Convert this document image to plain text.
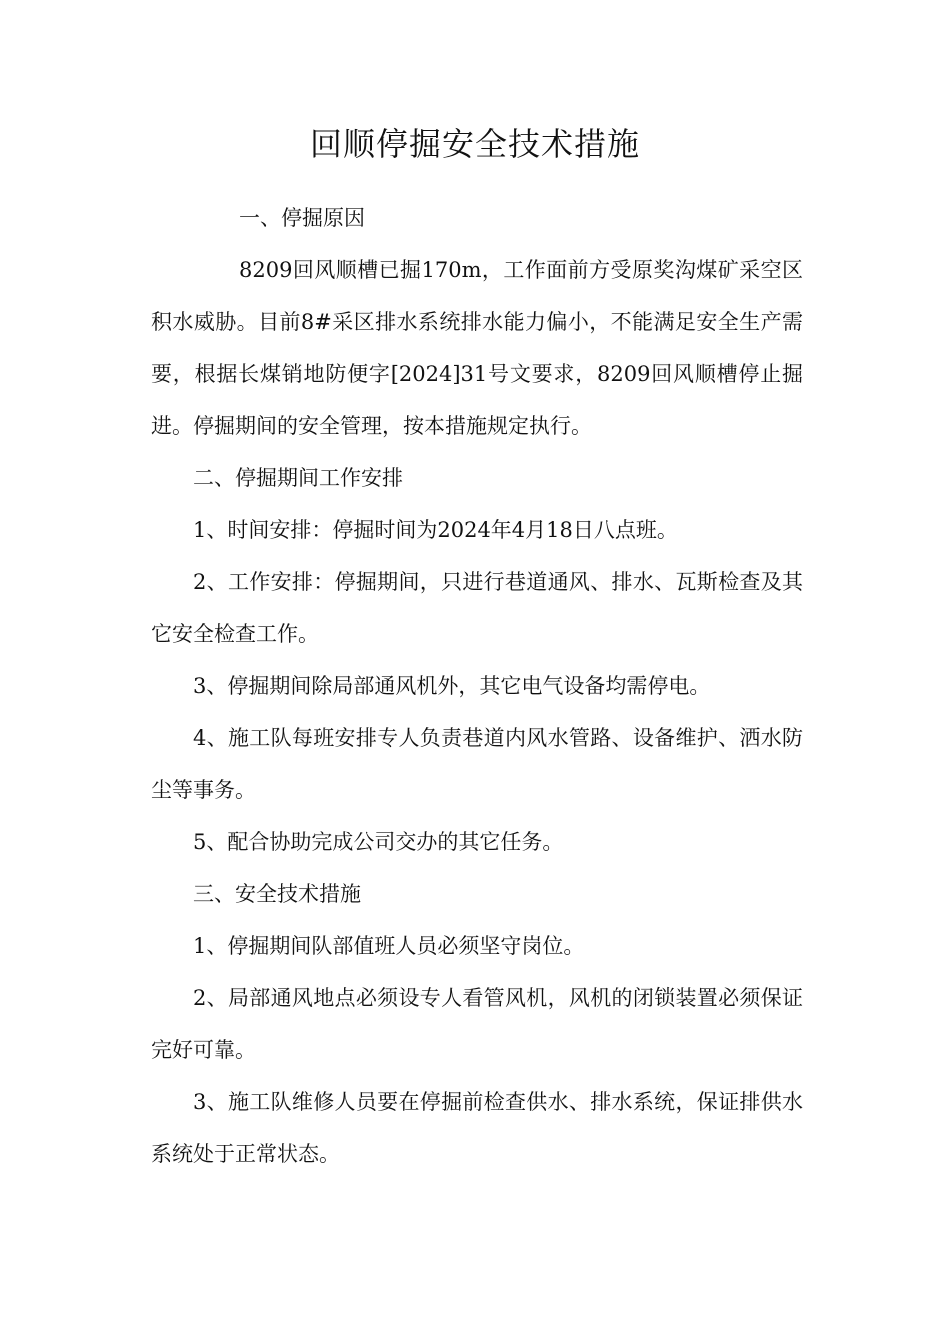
回顺停掘安全技术措施

一、停掘原因

8209回风顺槽已掘170m，工作面前方受原奖沟煤矿采空区积水威胁。目前8#采区排水系统排水能力偏小，不能满足安全生产需要，根据长煤销地防便字[2024]31号文要求，8209回风顺槽停止掘进。停掘期间的安全管理，按本措施规定执行。

二、停掘期间工作安排

1、时间安排：停掘时间为2024年4月18日八点班。

2、工作安排：停掘期间，只进行巷道通风、排水、瓦斯检查及其它安全检查工作。

3、停掘期间除局部通风机外，其它电气设备均需停电。

4、施工队每班安排专人负责巷道内风水管路、设备维护、洒水防尘等事务。

5、配合协助完成公司交办的其它任务。

三、安全技术措施

1、停掘期间队部值班人员必须坚守岗位。

2、局部通风地点必须设专人看管风机，风机的闭锁装置必须保证完好可靠。

3、施工队维修人员要在停掘前检查供水、排水系统，保证排供水系统处于正常状态。
